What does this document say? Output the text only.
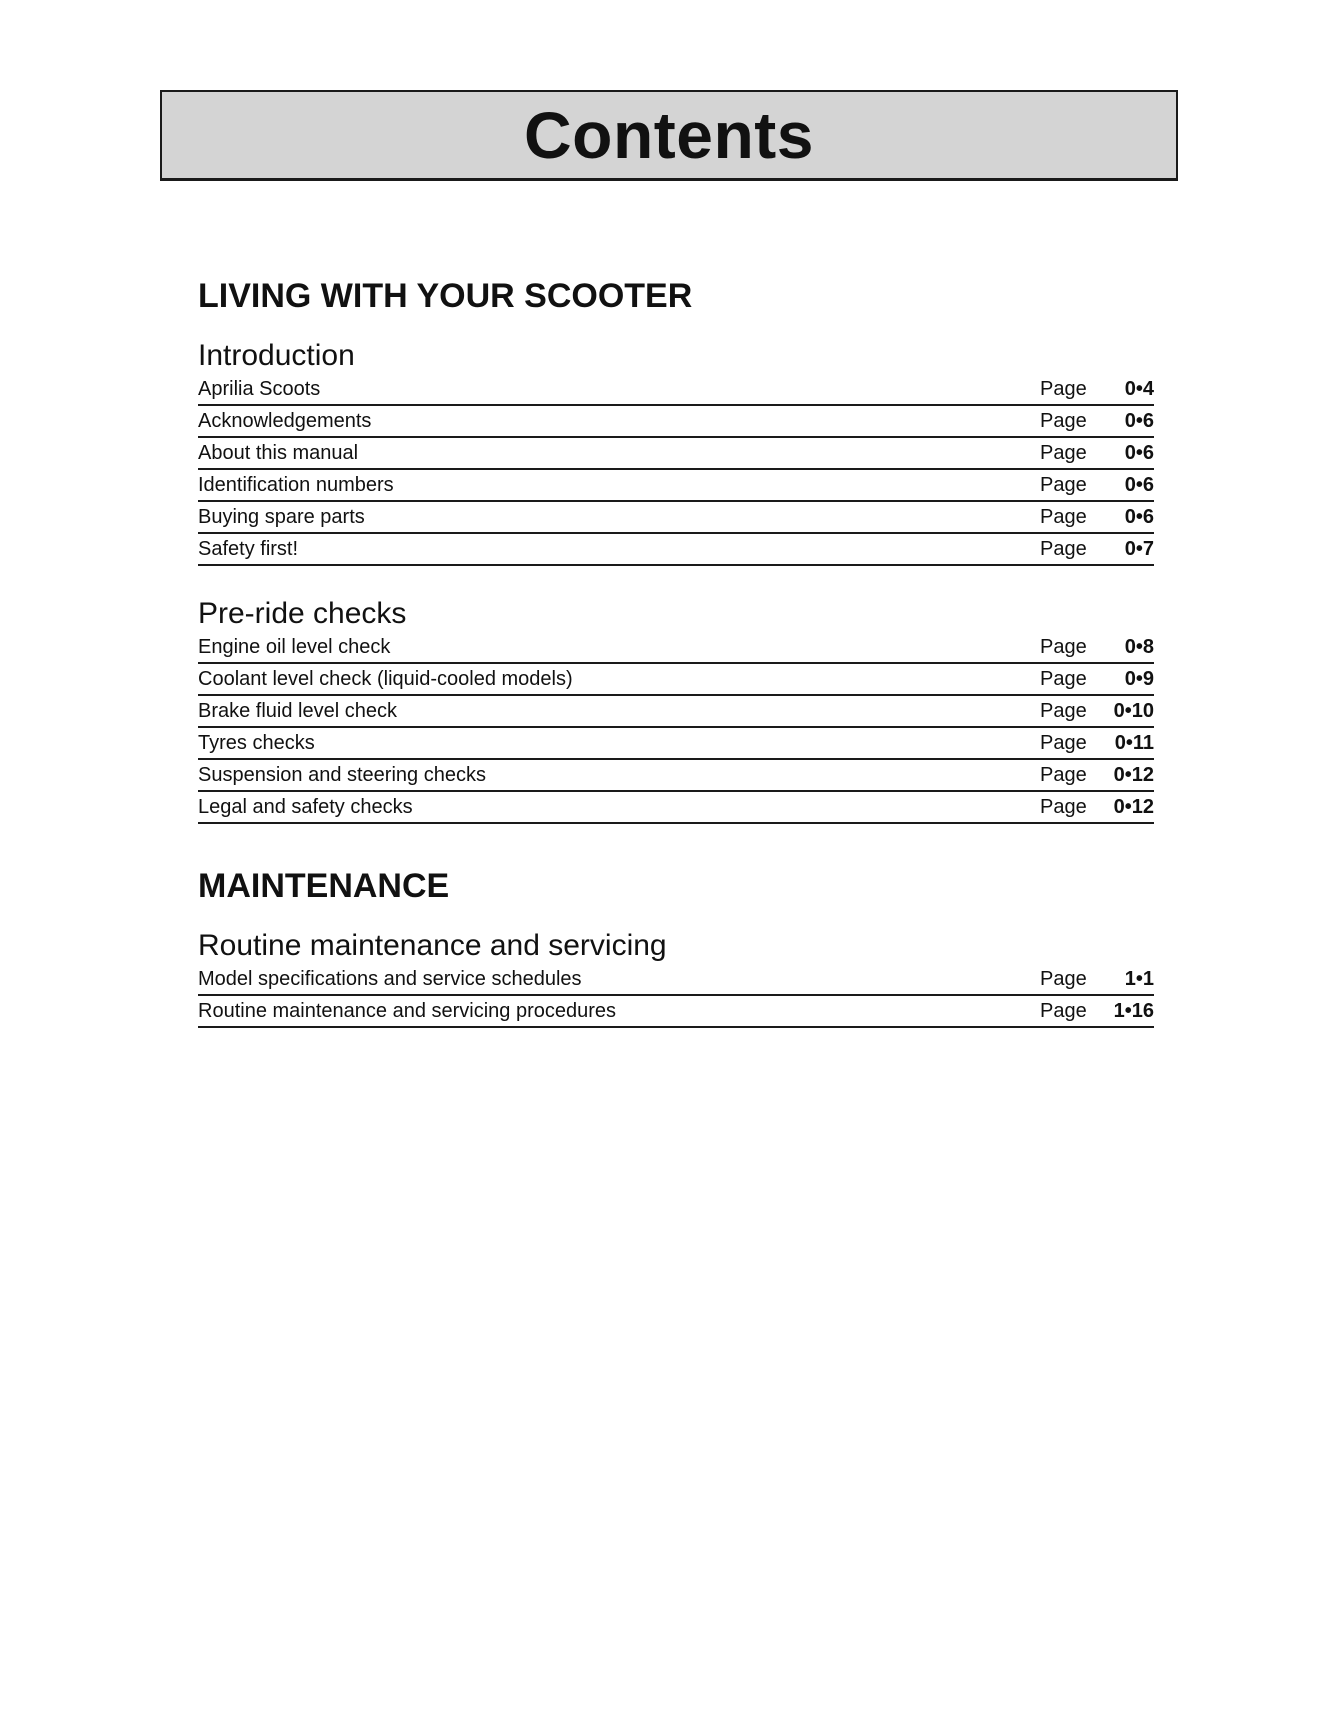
Contents
LIVING WITH YOUR SCOOTER
Introduction
Aprilia Scoots	Page	0•4
Acknowledgements	Page	0•6
About this manual	Page	0•6
Identification numbers	Page	0•6
Buying spare parts	Page	0•6
Safety first!	Page	0•7
Pre-ride checks
Engine oil level check	Page	0•8
Coolant level check (liquid-cooled models)	Page	0•9
Brake fluid level check	Page	0•10
Tyres checks	Page	0•11
Suspension and steering checks	Page	0•12
Legal and safety checks	Page	0•12
MAINTENANCE
Routine maintenance and servicing
Model specifications and service schedules	Page	1•1
Routine maintenance and servicing procedures	Page	1•16
